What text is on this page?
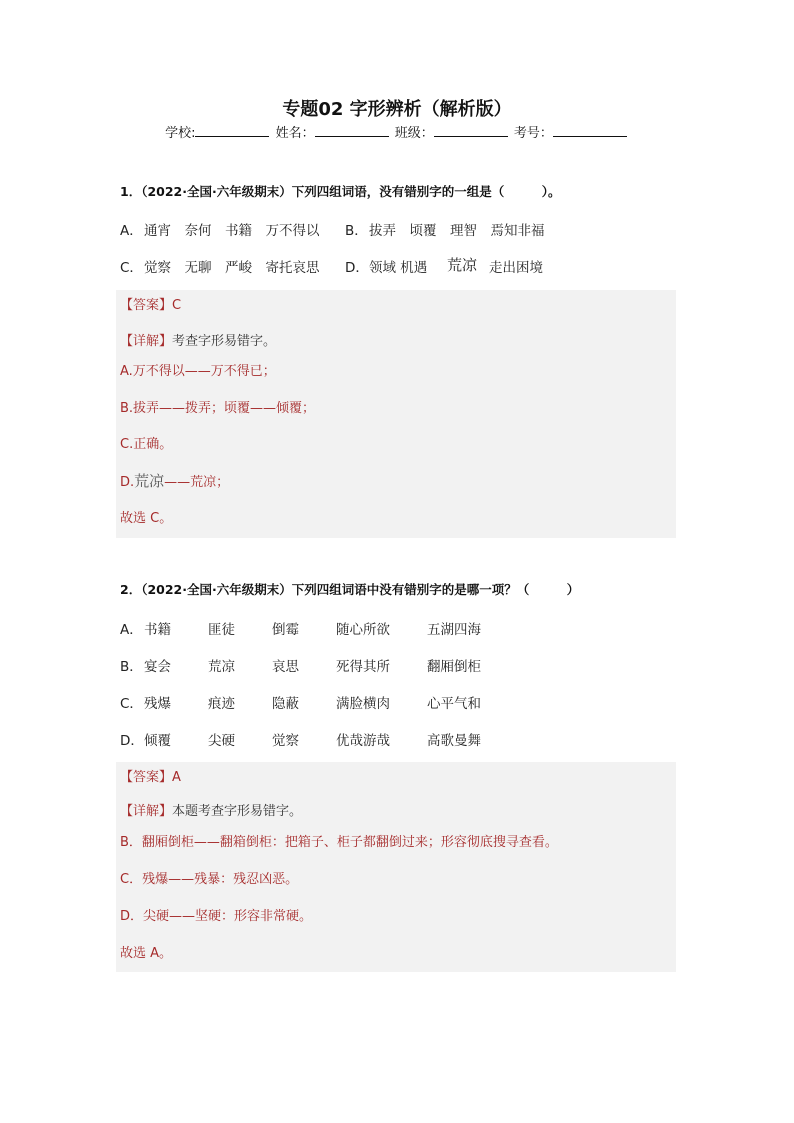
专题02 字形辨析（解析版）
学校:	姓名：	班级：	考号：
1．（2022·全国·六年级期末）下列四组词语，没有错别字的一组是（　　　）。
A． 通宵　奈何　书籍　万不得以 B． 拔弄　顷覆　理智　焉知非福
C． 觉察　无聊　严峻　寄托哀思 D． 领域 机遇 荒凉 走出困境
【答案】C
【详解】考查字形易错字。
A.万不得以——万不得已；
B.拔弄——拨弄；顷覆——倾覆；
C.正确。
D.荒凉——荒凉；
故选 C。
2．（2022·全国·六年级期末）下列四组词语中没有错别字的是哪一项？（　　　）
A． 书籍	匪徒	倒霉	随心所欲	五湖四海
B． 宴会	荒凉	哀思	死得其所	翻厢倒柜
C． 残爆	痕迹	隐蔽	满脸横肉	心平气和
D． 倾覆	尖硬	觉察	优哉游哉	高歌曼舞
【答案】A
【详解】本题考查字形易错字。
B．翻厢倒柜——翻箱倒柜：把箱子、柜子都翻倒过来；形容彻底搜寻查看。
C．残爆——残暴：残忍凶恶。
D．尖硬——坚硬：形容非常硬。
故选 A。
